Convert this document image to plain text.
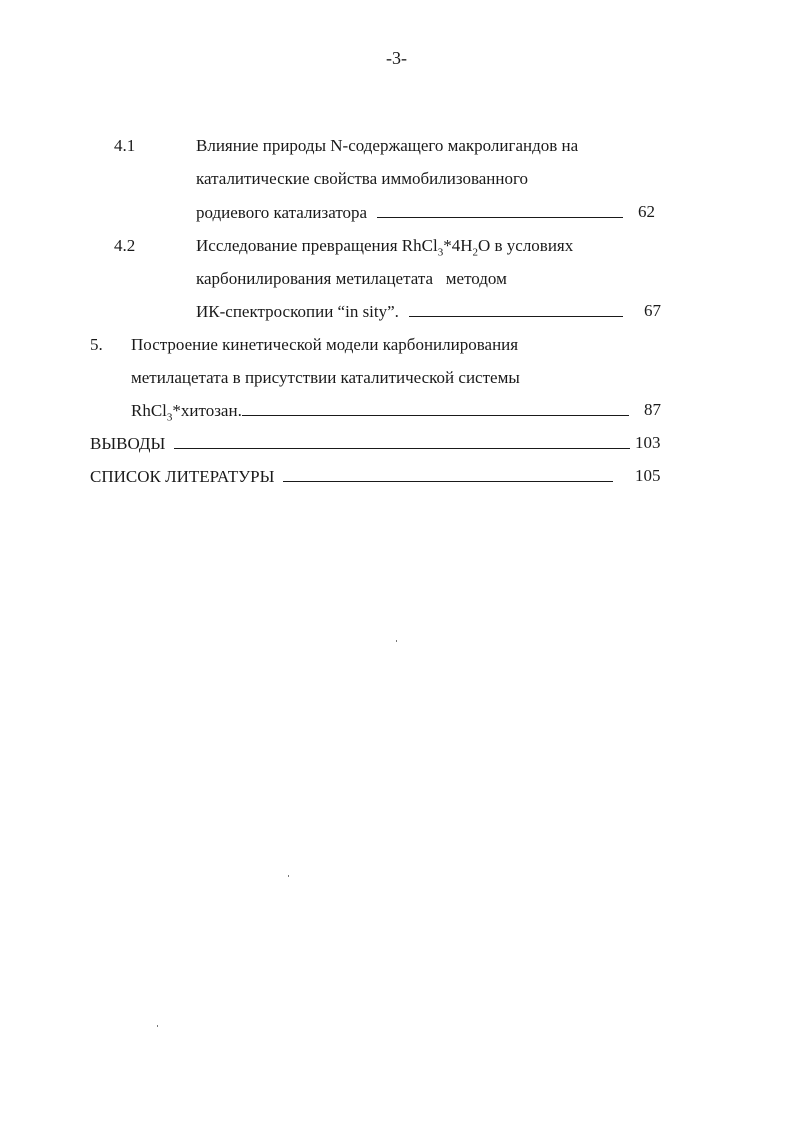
-3-
4.1	Влияние природы N-содержащего макролигандов на
каталитические свойства иммобилизованного
родиевого катализатора	62
4.2	Исследование превращения $RhCl_3*4H_2O$ в условиях
карбонилирования метилацетата   методом
ИК-спектроскопии “in sity”.	67
5. Построение кинетической модели карбонилирования
метилацетата в присутствии каталитической системы
RhCl$_3$*хитозан.	87
ВЫВОДЫ	103
СПИСОК ЛИТЕРАТУРЫ	105
